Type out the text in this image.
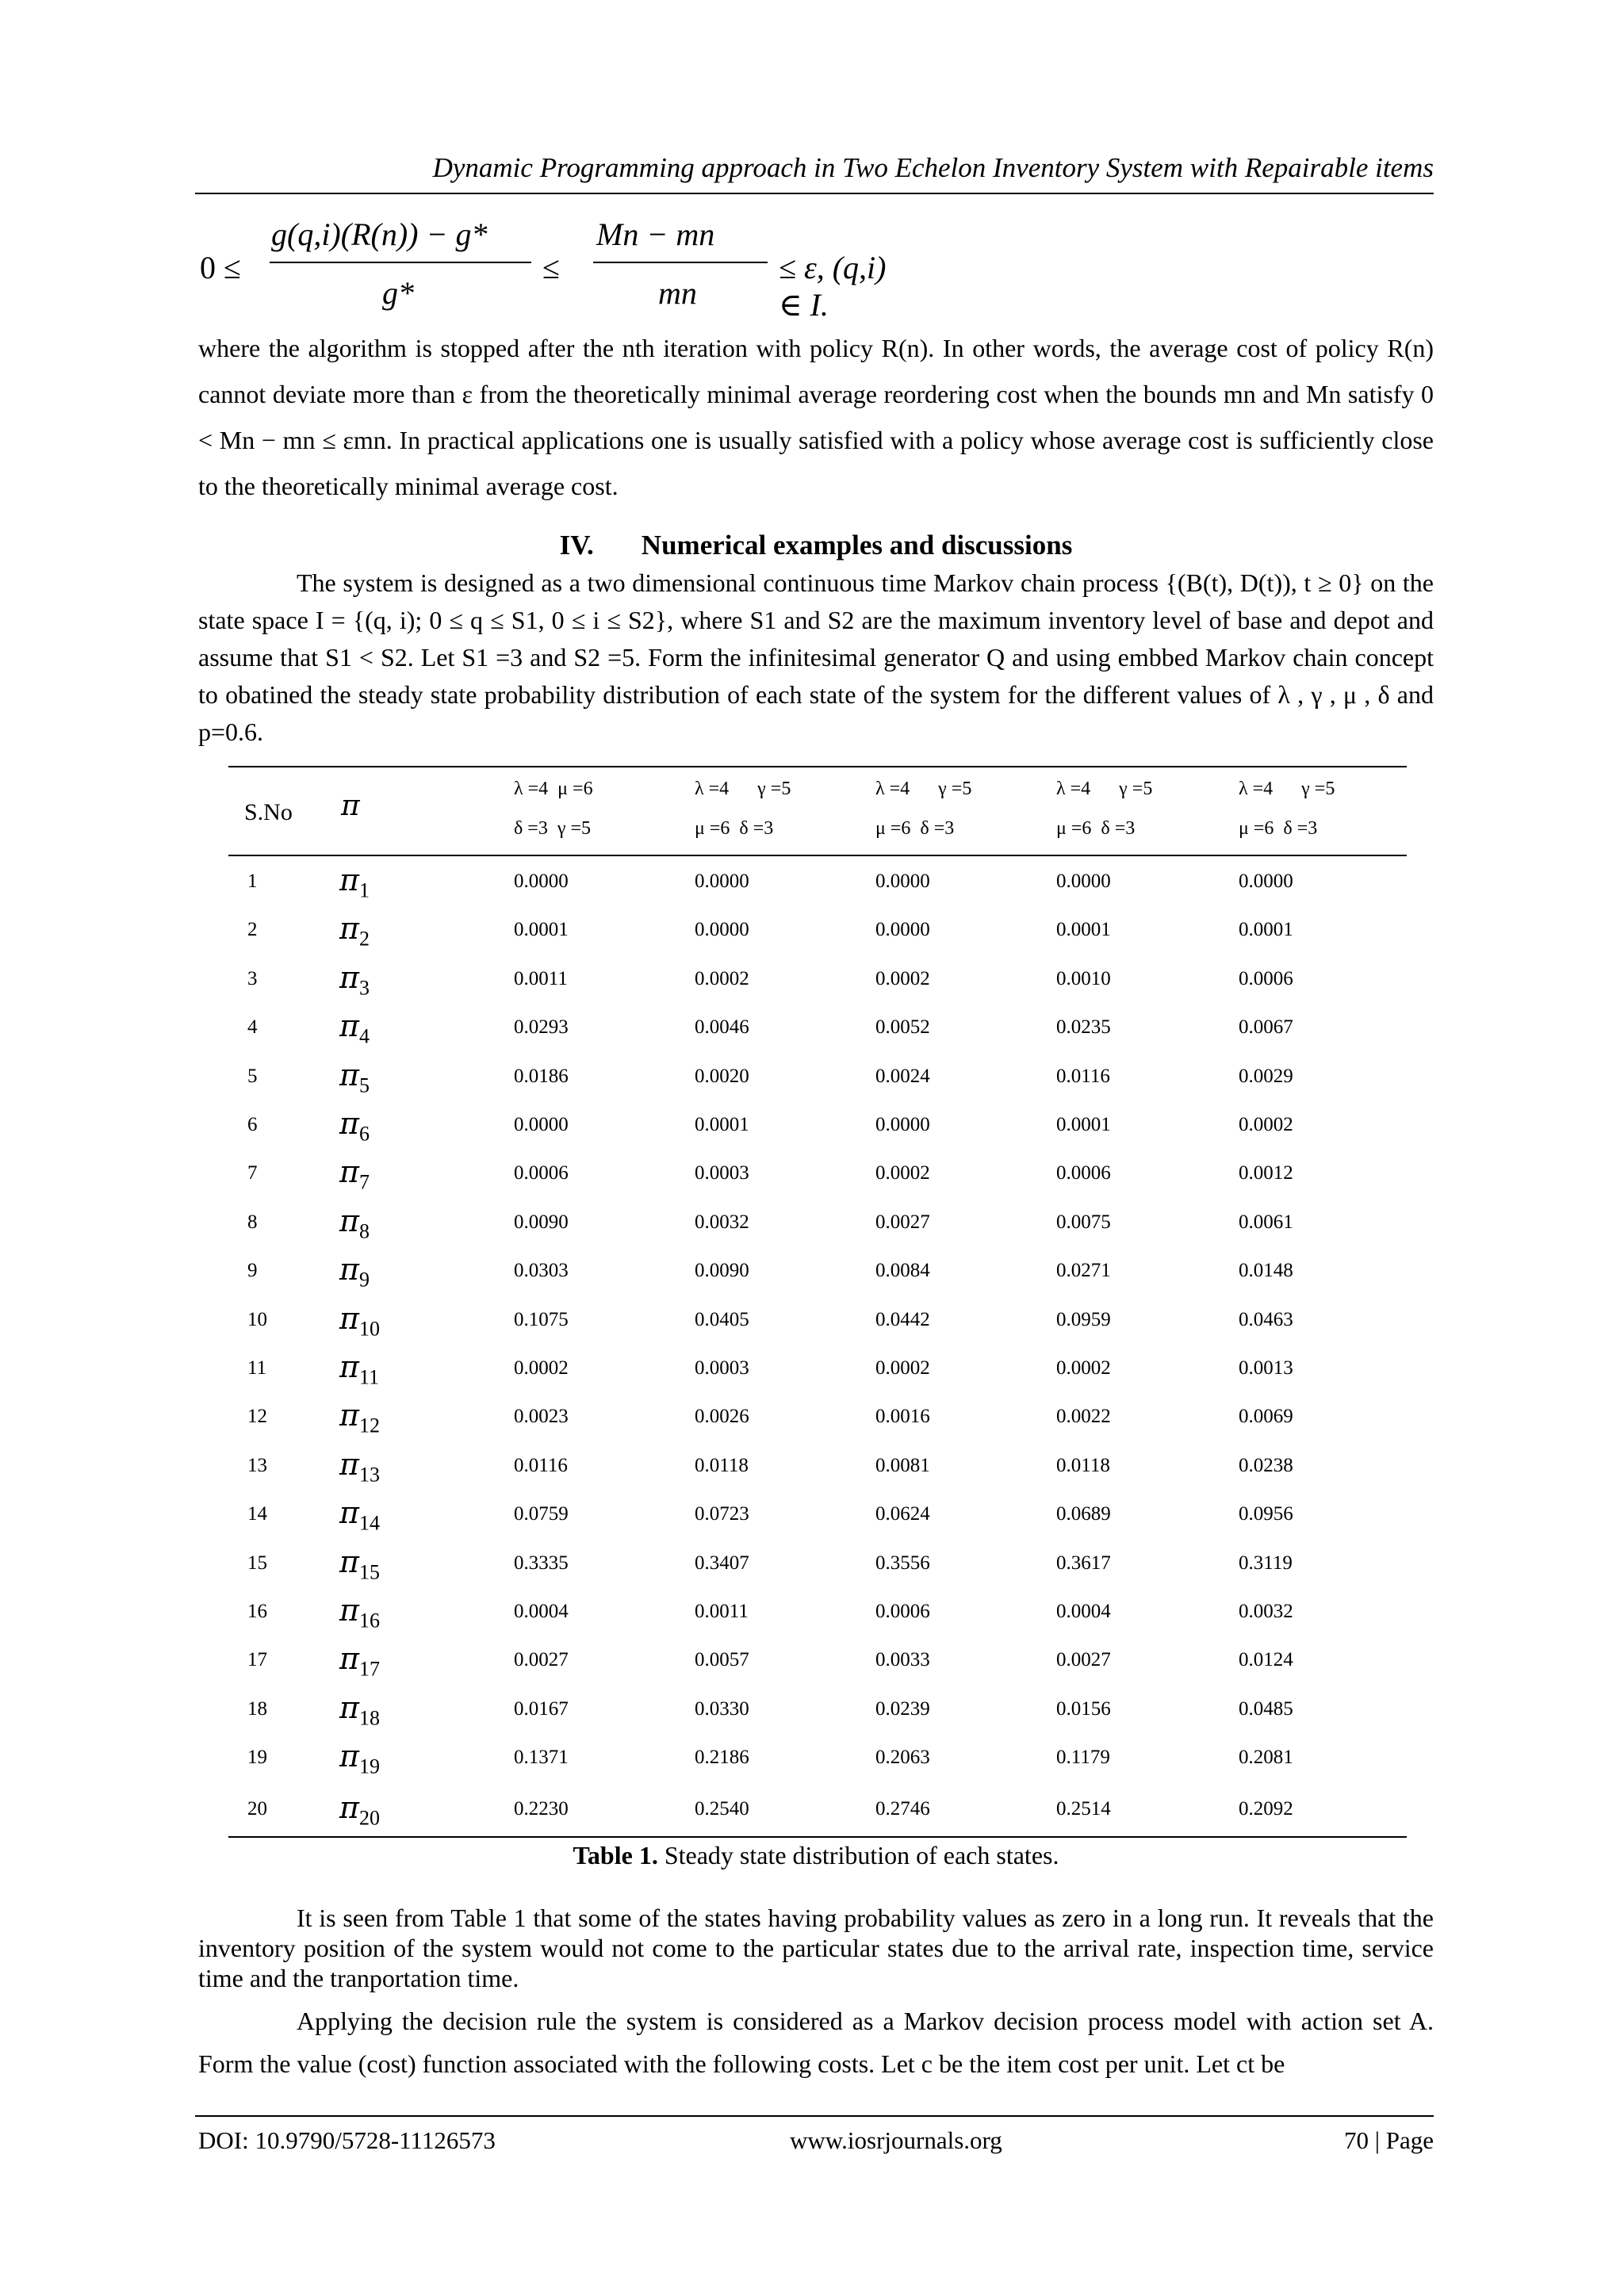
Dynamic Programming approach in Two Echelon Inventory System with Repairable items
0 ≤
g(q,i)(R(n)) − g*
g*
≤
Mn − mn
mn
≤ ε, (q,i) ∈ I.

where the algorithm is stopped after the nth iteration with policy R(n). In other words, the average cost of policy R(n) cannot deviate more than ε from the theoretically minimal average reordering cost when the bounds mn and Mn satisfy 0 < Mn − mn ≤ εmn. In practical applications one is usually satisfied with a policy whose average cost is sufficiently close to the theoretically minimal average cost.

IV. Numerical examples and discussions

The system is designed as a two dimensional continuous time Markov chain process {(B(t), D(t)), t ≥ 0} on the state space I = {(q, i); 0 ≤ q ≤ S1, 0 ≤ i ≤ S2}, where S1 and S2 are the maximum inventory level of base and depot and assume that S1 < S2. Let S1 =3 and S2 =5. Form the infinitesimal generator Q and using embbed Markov chain concept to obatined the steady state probability distribution of each state of the system for the different values of λ , γ , μ , δ and p=0.6.

S.No π
λ =4  μ =6
δ =3  γ =5
λ =4      γ =5
μ =6  δ =3
λ =4      γ =5
μ =6  δ =3
λ =4      γ =5
μ =6  δ =3
λ =4      γ =5
μ =6  δ =3
1	$\pi_1$	0.0000	0.0000	0.0000	0.0000	0.0000
2	$\pi_2$	0.0001	0.0000	0.0000	0.0001	0.0001
3	$\pi_3$	0.0011	0.0002	0.0002	0.0010	0.0006
4	$\pi_4$	0.0293	0.0046	0.0052	0.0235	0.0067
5	$\pi_5$	0.0186	0.0020	0.0024	0.0116	0.0029
6	$\pi_6$	0.0000	0.0001	0.0000	0.0001	0.0002
7	$\pi_7$	0.0006	0.0003	0.0002	0.0006	0.0012
8	$\pi_8$	0.0090	0.0032	0.0027	0.0075	0.0061
9	$\pi_9$	0.0303	0.0090	0.0084	0.0271	0.0148
10 $\pi_{10}$	0.1075	0.0405	0.0442	0.0959	0.0463
11 $\pi_{11}$	0.0002	0.0003	0.0002	0.0002	0.0013
12 $\pi_{12}$	0.0023	0.0026	0.0016	0.0022	0.0069
13 $\pi_{13}$	0.0116	0.0118	0.0081	0.0118	0.0238
14 $\pi_{14}$	0.0759	0.0723	0.0624	0.0689	0.0956
15 $\pi_{15}$	0.3335	0.3407	0.3556	0.3617	0.3119
16 $\pi_{16}$	0.0004	0.0011	0.0006	0.0004	0.0032
17 $\pi_{17}$	0.0027	0.0057	0.0033	0.0027	0.0124
18 $\pi_{18}$	0.0167	0.0330	0.0239	0.0156	0.0485
19 $\pi_{19}$	0.1371	0.2186	0.2063	0.1179	0.2081
20 $\pi_{20}$	0.2230	0.2540	0.2746	0.2514	0.2092
Table 1. Steady state distribution of each states.

It is seen from Table 1 that some of the states having probability values as zero in a long run. It reveals that the inventory position of the system would not come to the particular states due to the arrival rate, inspection time, service time and the tranportation time.

Applying the decision rule the system is considered as a Markov decision process model with action set A. Form the value (cost) function associated with the following costs. Let c be the item cost per unit. Let ct be

DOI: 10.9790/5728-11126573	www.iosrjournals.org	70 | Page
